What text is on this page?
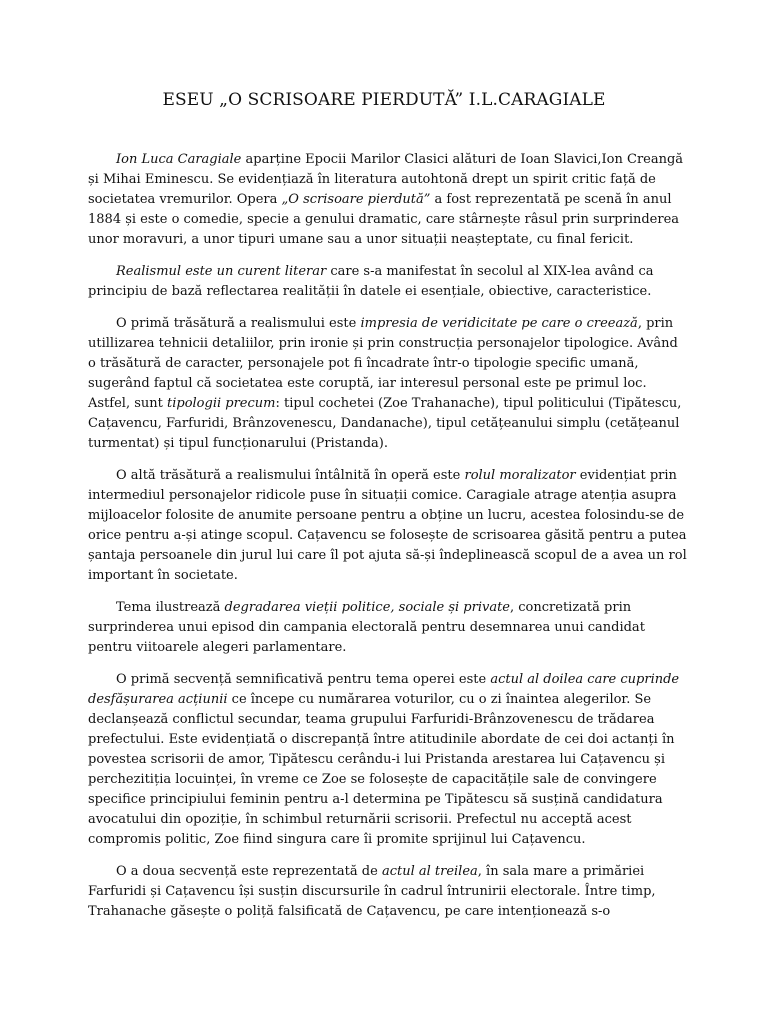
ESEU „O SCRISOARE PIERDUTĂ” I.L.CARAGIALE

Ion Luca Caragiale aparține Epocii Marilor Clasici alături de Ioan Slavici,Ion Creangă și Mihai Eminescu. Se evidențiază în literatura autohtonă drept un spirit critic față de societatea vremurilor. Opera „O scrisoare pierdută” a fost reprezentată pe scenă în anul 1884 și este o comedie, specie a genului dramatic, care stârnește râsul prin surprinderea unor moravuri, a unor tipuri umane sau a unor situații neașteptate, cu final fericit.

Realismul este un curent literar care s-a manifestat în secolul al XIX-lea având ca principiu de bază reflectarea realității în datele ei esențiale, obiective, caracteristice.

O primă trăsătură a realismului este impresia de veridicitate pe care o creează, prin utillizarea tehnicii detaliilor, prin ironie și prin construcția personajelor tipologice. Având o trăsătură de caracter, personajele pot fi încadrate într-o tipologie specific umană, sugerând faptul că societatea este coruptă, iar interesul personal este pe primul loc. Astfel, sunt tipologii precum: tipul cochetei (Zoe Trahanache), tipul politicului (Tipătescu, Cațavencu, Farfuridi, Brânzovenescu, Dandanache), tipul cetățeanului simplu (cetățeanul turmentat) și tipul funcționarului (Pristanda).

O altă trăsătură a realismului întâlnită în operă este rolul moralizator evidențiat prin intermediul personajelor ridicole puse în situații comice. Caragiale atrage atenția asupra mijloacelor folosite de anumite persoane pentru a obține un lucru, acestea folosindu-se de orice pentru a-și atinge scopul. Cațavencu se folosește de scrisoarea găsită pentru a putea șantaja persoanele din jurul lui care îl pot ajuta să-și îndeplinească scopul de a avea un rol important în societate.

Tema ilustrează degradarea vieții politice, sociale și private, concretizată prin surprinderea unui episod din campania electorală pentru desemnarea unui candidat pentru viitoarele alegeri parlamentare.

O primă secvență semnificativă pentru tema operei este actul al doilea care cuprinde desfășurarea acțiunii ce începe cu numărarea voturilor, cu o zi înaintea alegerilor. Se declanșează conflictul secundar, teama grupului Farfuridi-Brânzovenescu de trădarea prefectului. Este evidențiată o discrepanță între atitudinile abordate de cei doi actanți în povestea scrisorii de amor, Tipătescu cerându-i lui Pristanda arestarea lui Cațavencu și perchezitiția locuinței, în vreme ce Zoe se folosește de capacitățile sale de convingere specifice principiului feminin pentru a-l determina pe Tipătescu să susțină candidatura avocatului din opoziție, în schimbul returnării scrisorii. Prefectul nu acceptă acest compromis politic, Zoe fiind singura care îi promite sprijinul lui Cațavencu.

O a doua secvență este reprezentată de actul al treilea, în sala mare a primăriei Farfuridi și Cațavencu își susțin discursurile în cadrul întrunirii electorale. Între timp, Trahanache găsește o poliță falsificată de Cațavencu, pe care intenționează s-o
